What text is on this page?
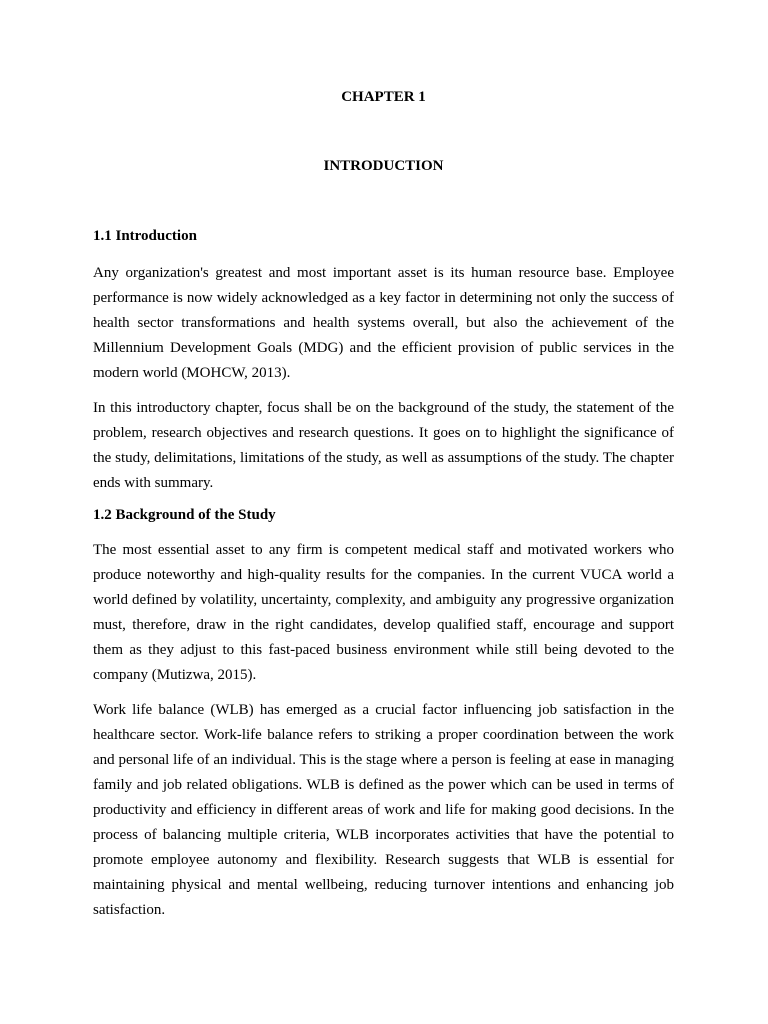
CHAPTER 1
INTRODUCTION
1.1 Introduction

Any organization's greatest and most important asset is its human resource base. Employee performance is now widely acknowledged as a key factor in determining not only the success of health sector transformations and health systems overall, but also the achievement of the Millennium Development Goals (MDG) and the efficient provision of public services in the modern world (MOHCW, 2013).

In this introductory chapter, focus shall be on the background of the study, the statement of the problem, research objectives and research questions. It goes on to highlight the significance of the study, delimitations, limitations of the study, as well as assumptions of the study. The chapter ends with summary.

1.2 Background of the Study

The most essential asset to any firm is competent medical staff and motivated workers who produce noteworthy and high-quality results for the companies. In the current VUCA world a world defined by volatility, uncertainty, complexity, and ambiguity any progressive organization must, therefore, draw in the right candidates, develop qualified staff, encourage and support them as they adjust to this fast-paced business environment while still being devoted to the company (Mutizwa, 2015).

Work life balance (WLB) has emerged as a crucial factor influencing job satisfaction in the healthcare sector. Work-life balance refers to striking a proper coordination between the work and personal life of an individual. This is the stage where a person is feeling at ease in managing family and job related obligations. WLB is defined as the power which can be used in terms of productivity and efficiency in different areas of work and life for making good decisions. In the process of balancing multiple criteria, WLB incorporates activities that have the potential to promote employee autonomy and flexibility. Research suggests that WLB is essential for maintaining physical and mental wellbeing, reducing turnover intentions and enhancing job satisfaction.
